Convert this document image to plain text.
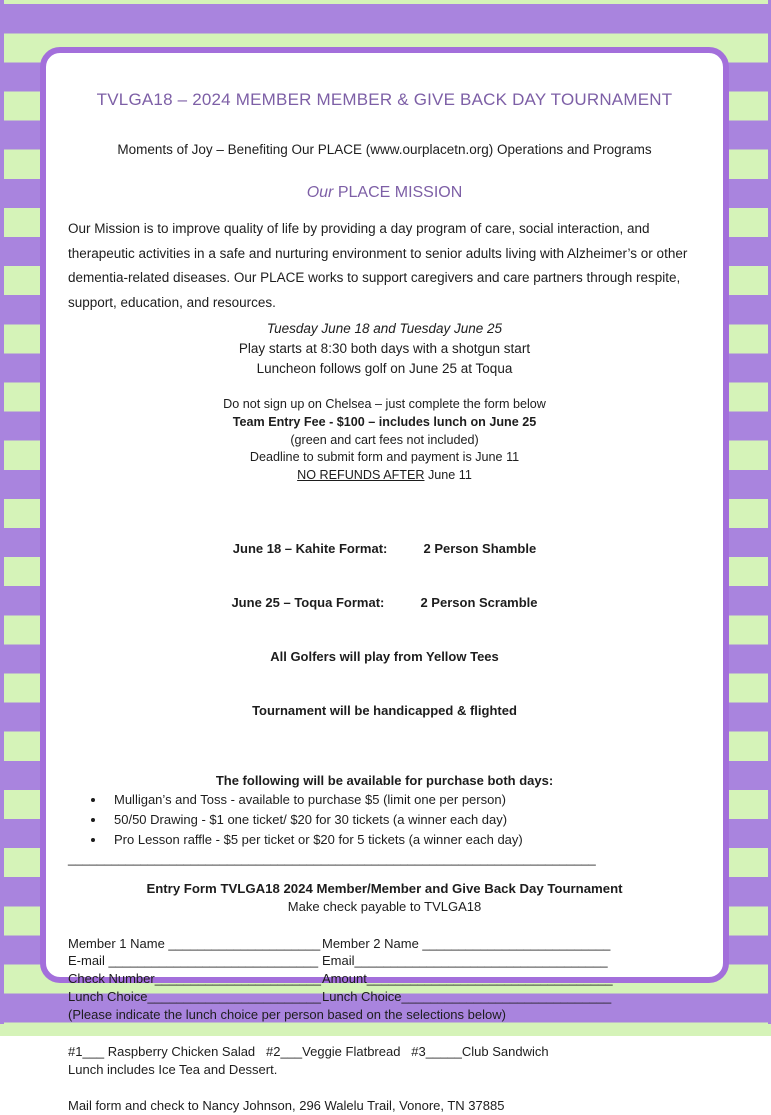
TVLGA18 – 2024 MEMBER MEMBER & GIVE BACK DAY TOURNAMENT
Moments of Joy – Benefiting Our PLACE (www.ourplacetn.org) Operations and Programs
Our PLACE MISSION
Our Mission is to improve quality of life by providing a day program of care, social interaction, and therapeutic activities in a safe and nurturing environment to senior adults living with Alzheimer’s or other dementia-related diseases. Our PLACE works to support caregivers and care partners through respite, support, education, and resources.
Tuesday June 18 and Tuesday June 25
Play starts at 8:30 both days with a shotgun start
Luncheon follows golf on June 25 at Toqua
Do not sign up on Chelsea – just complete the form below
Team Entry Fee - $100 – includes lunch on June 25
(green and cart fees not included)
Deadline to submit form and payment is June 11
NO REFUNDS AFTER June 11

June 18 – Kahite Format:          2 Person Shamble

June 25 – Toqua Format:          2 Person Scramble

All Golfers will play from Yellow Tees

Tournament will be handicapped & flighted

The following will be available for purchase both days:
• Mulligan’s and Toss - available to purchase $5 (limit one per person)
• 50/50 Drawing - $1 one ticket/ $20 for 30 tickets (a winner each day)
• Pro Lesson raffle - $5 per ticket or $20 for 5 tickets (a winner each day)
_________________________________________________________________________
Entry Form TVLGA18 2024 Member/Member and Give Back Day Tournament
Make check payable to TVLGA18
Member 1 Name _____________________ Member 2 Name __________________________
E-mail _____________________________ Email___________________________________
Check Number_______________________ Amount__________________________________
Lunch Choice________________________ Lunch Choice_____________________________
(Please indicate the lunch choice per person based on the selections below)
#1___ Raspberry Chicken Salad   #2___Veggie Flatbread   #3_____Club Sandwich
Lunch includes Ice Tea and Dessert.
Mail form and check to Nancy Johnson, 296 Walelu Trail, Vonore, TN 37885
